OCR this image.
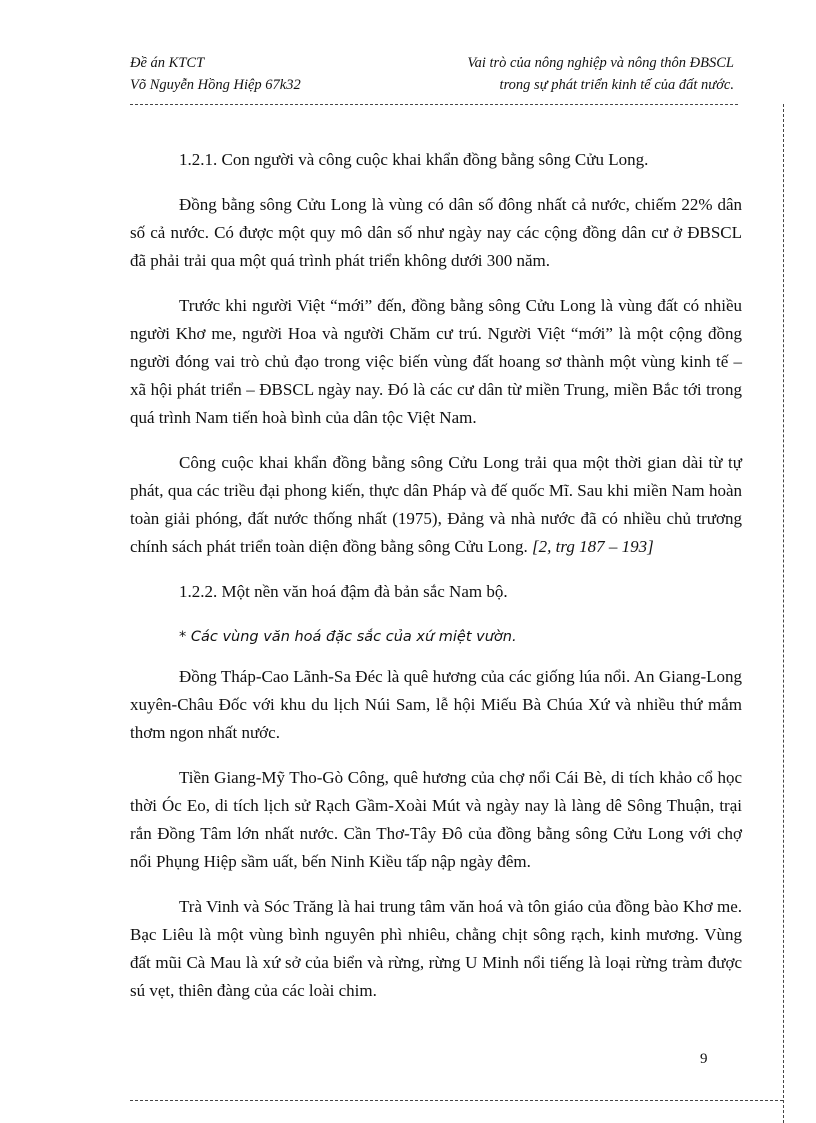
Đề án KTCT
Võ Nguyễn Hồng Hiệp 67k32
Vai trò của nông nghiệp và nông thôn ĐBSCL
trong sự phát triển kinh tế của đất nước.
1.2.1. Con người và công cuộc khai khẩn đồng bằng sông Cửu Long.

Đồng bằng sông Cửu Long là vùng có dân số đông nhất cả nước, chiếm 22% dân số cả nước. Có được một quy mô dân số như ngày nay các cộng đồng dân cư ở ĐBSCL đã phải trải qua một quá trình phát triển không dưới 300 năm.

Trước khi người Việt “mới” đến, đồng bằng sông Cửu Long là vùng đất có nhiều người Khơ me, người Hoa và người Chăm cư trú. Người Việt “mới” là một cộng đồng người đóng vai trò chủ đạo trong việc biến vùng đất hoang sơ thành một vùng kinh tế – xã hội phát triển – ĐBSCL ngày nay. Đó là các cư dân từ miền Trung, miền Bắc tới trong quá trình Nam tiến hoà bình của dân tộc Việt Nam.

Công cuộc khai khẩn đồng bằng sông Cửu Long trải qua một thời gian dài từ tự phát, qua các triều đại phong kiến, thực dân Pháp và đế quốc Mĩ. Sau khi miền Nam hoàn toàn giải phóng, đất nước thống nhất (1975), Đảng và nhà nước đã có nhiều chủ trương chính sách phát triển toàn diện đồng bằng sông Cửu Long. [2, trg 187 – 193]

1.2.2. Một nền văn hoá đậm đà bản sắc Nam bộ.
* Các vùng văn hoá đặc sắc của xứ miệt vườn.

Đồng Tháp-Cao Lãnh-Sa Đéc là quê hương của các giống lúa nổi. An Giang-Long xuyên-Châu Đốc với khu du lịch Núi Sam, lễ hội Miếu Bà Chúa Xứ và nhiều thứ mắm thơm ngon nhất nước.

Tiền Giang-Mỹ Tho-Gò Công, quê hương của chợ nổi Cái Bè, di tích khảo cổ học thời Óc Eo, di tích lịch sử Rạch Gầm-Xoài Mút và ngày nay là làng dê Sông Thuận, trại rắn Đồng Tâm lớn nhất nước. Cần Thơ-Tây Đô của đồng bằng sông Cửu Long với chợ nổi Phụng Hiệp sầm uất, bến Ninh Kiều tấp nập ngày đêm.

Trà Vinh và Sóc Trăng là hai trung tâm văn hoá và tôn giáo của đồng bào Khơ me. Bạc Liêu là một vùng bình nguyên phì nhiêu, chằng chịt sông rạch, kinh mương. Vùng đất mũi Cà Mau là xứ sở của biển và rừng, rừng U Minh nổi tiếng là loại rừng tràm được sú vẹt, thiên đàng của các loài chim.

9
